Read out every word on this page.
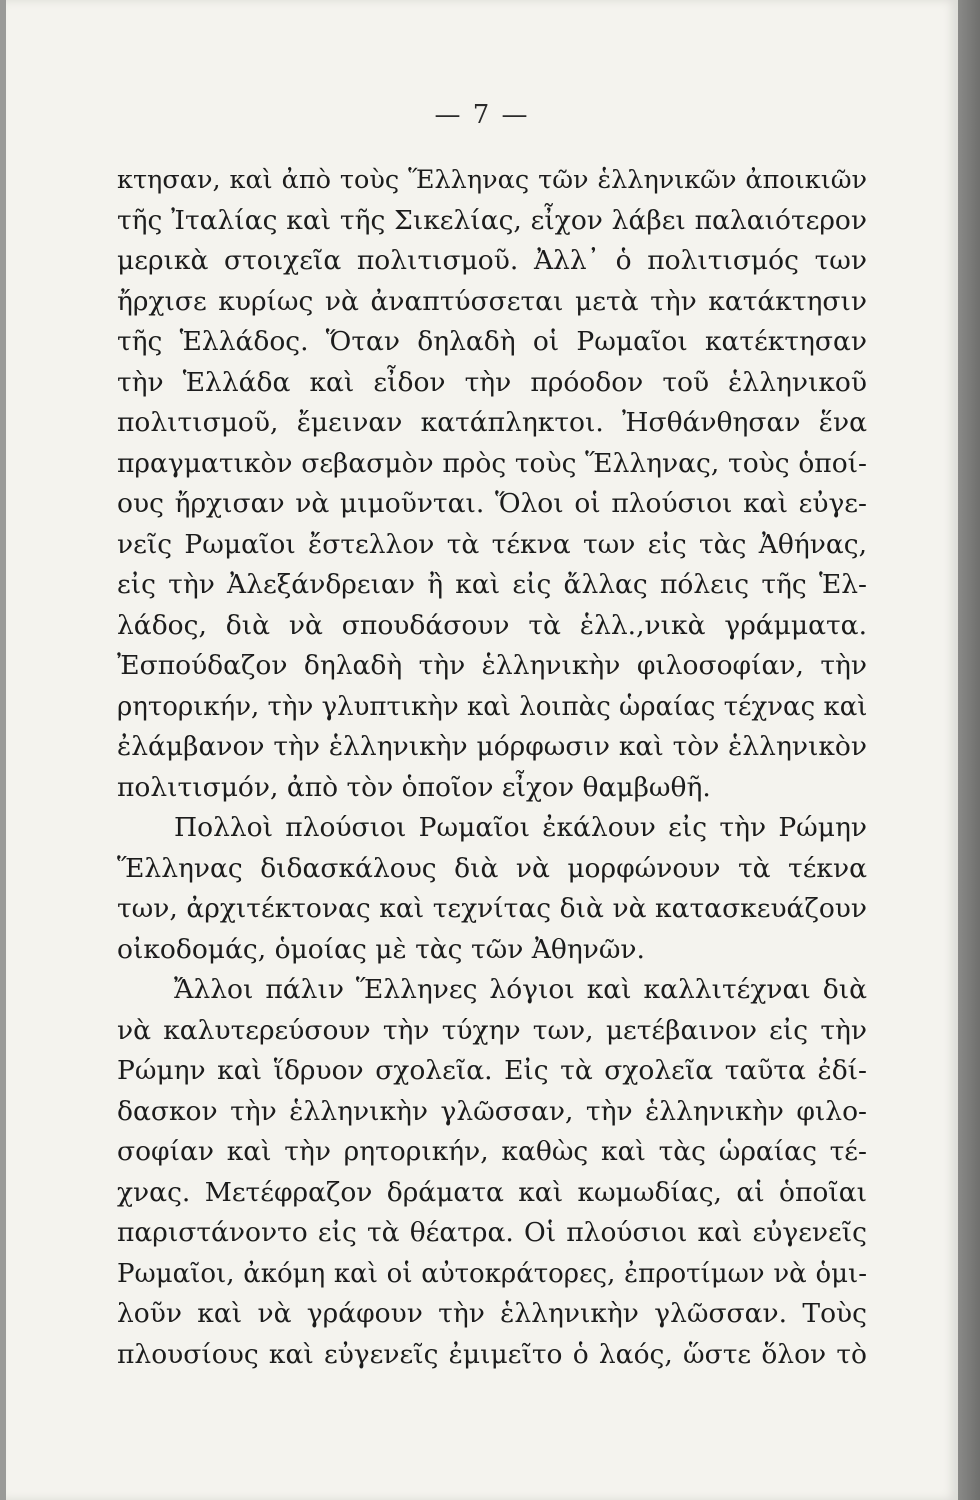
— 7 —
κτησαν, καὶ ἀπὸ τοὺς Ἕλληνας τῶν ἑλληνικῶν ἀποικιῶν
τῆς Ἰταλίας καὶ τῆς Σικελίας, εἶχον λάβει παλαιότερον
μερικὰ στοιχεῖα πολιτισμοῦ. Ἀλλ᾽ ὁ πολιτισμός των
ἤρχισε κυρίως νὰ ἀναπτύσσεται μετὰ τὴν κατάκτησιν
τῆς Ἑλλάδος. Ὅταν δηλαδὴ οἱ Ρωμαῖοι κατέκτησαν
τὴν Ἑλλάδα καὶ εἶδον τὴν πρόοδον τοῦ ἑλληνικοῦ
πολιτισμοῦ, ἔμειναν κατάπληκτοι. Ἠσθάνθησαν ἕνα
πραγματικὸν σεβασμὸν πρὸς τοὺς Ἕλληνας, τοὺς ὁποί-
ους ἤρχισαν νὰ μιμοῦνται. Ὅλοι οἱ πλούσιοι καὶ εὐγε-
νεῖς Ρωμαῖοι ἔστελλον τὰ τέκνα των εἰς τὰς Ἀθήνας,
εἰς τὴν Ἀλεξάνδρειαν ἢ καὶ εἰς ἄλλας πόλεις τῆς Ἑλ-
λάδος, διὰ νὰ σπουδάσουν τὰ ἑλλ.,νικὰ γράμματα.
Ἐσπούδαζον δηλαδὴ τὴν ἑλληνικὴν φιλοσοφίαν, τὴν
ρητορικήν, τὴν γλυπτικὴν καὶ λοιπὰς ὡραίας τέχνας καὶ
ἐλάμβανον τὴν ἑλληνικὴν μόρφωσιν καὶ τὸν ἑλληνικὸν
πολιτισμόν, ἀπὸ τὸν ὁποῖον εἶχον θαμβωθῆ.
Πολλοὶ πλούσιοι Ρωμαῖοι ἐκάλουν εἰς τὴν Ρώμην
Ἕλληνας διδασκάλους διὰ νὰ μορφώνουν τὰ τέκνα
των, ἀρχιτέκτονας καὶ τεχνίτας διὰ νὰ κατασκευάζουν
οἰκοδομάς, ὁμοίας μὲ τὰς τῶν Ἀθηνῶν.
Ἄλλοι πάλιν Ἕλληνες λόγιοι καὶ καλλιτέχναι διὰ
νὰ καλυτερεύσουν τὴν τύχην των, μετέβαινον εἰς τὴν
Ρώμην καὶ ἵδρυον σχολεῖα. Εἰς τὰ σχολεῖα ταῦτα ἐδί-
δασκον τὴν ἑλληνικὴν γλῶσσαν, τὴν ἑλληνικὴν φιλο-
σοφίαν καὶ τὴν ρητορικήν, καθὼς καὶ τὰς ὡραίας τέ-
χνας. Μετέφραζον δράματα καὶ κωμωδίας, αἱ ὁποῖαι
παριστάνοντο εἰς τὰ θέατρα. Οἱ πλούσιοι καὶ εὐγενεῖς
Ρωμαῖοι, ἀκόμη καὶ οἱ αὐτοκράτορες, ἐπροτίμων νὰ ὁμι-
λοῦν καὶ νὰ γράφουν τὴν ἑλληνικὴν γλῶσσαν. Τοὺς
πλουσίους καὶ εὐγενεῖς ἐμιμεῖτο ὁ λαός, ὥστε ὅλον τὸ
